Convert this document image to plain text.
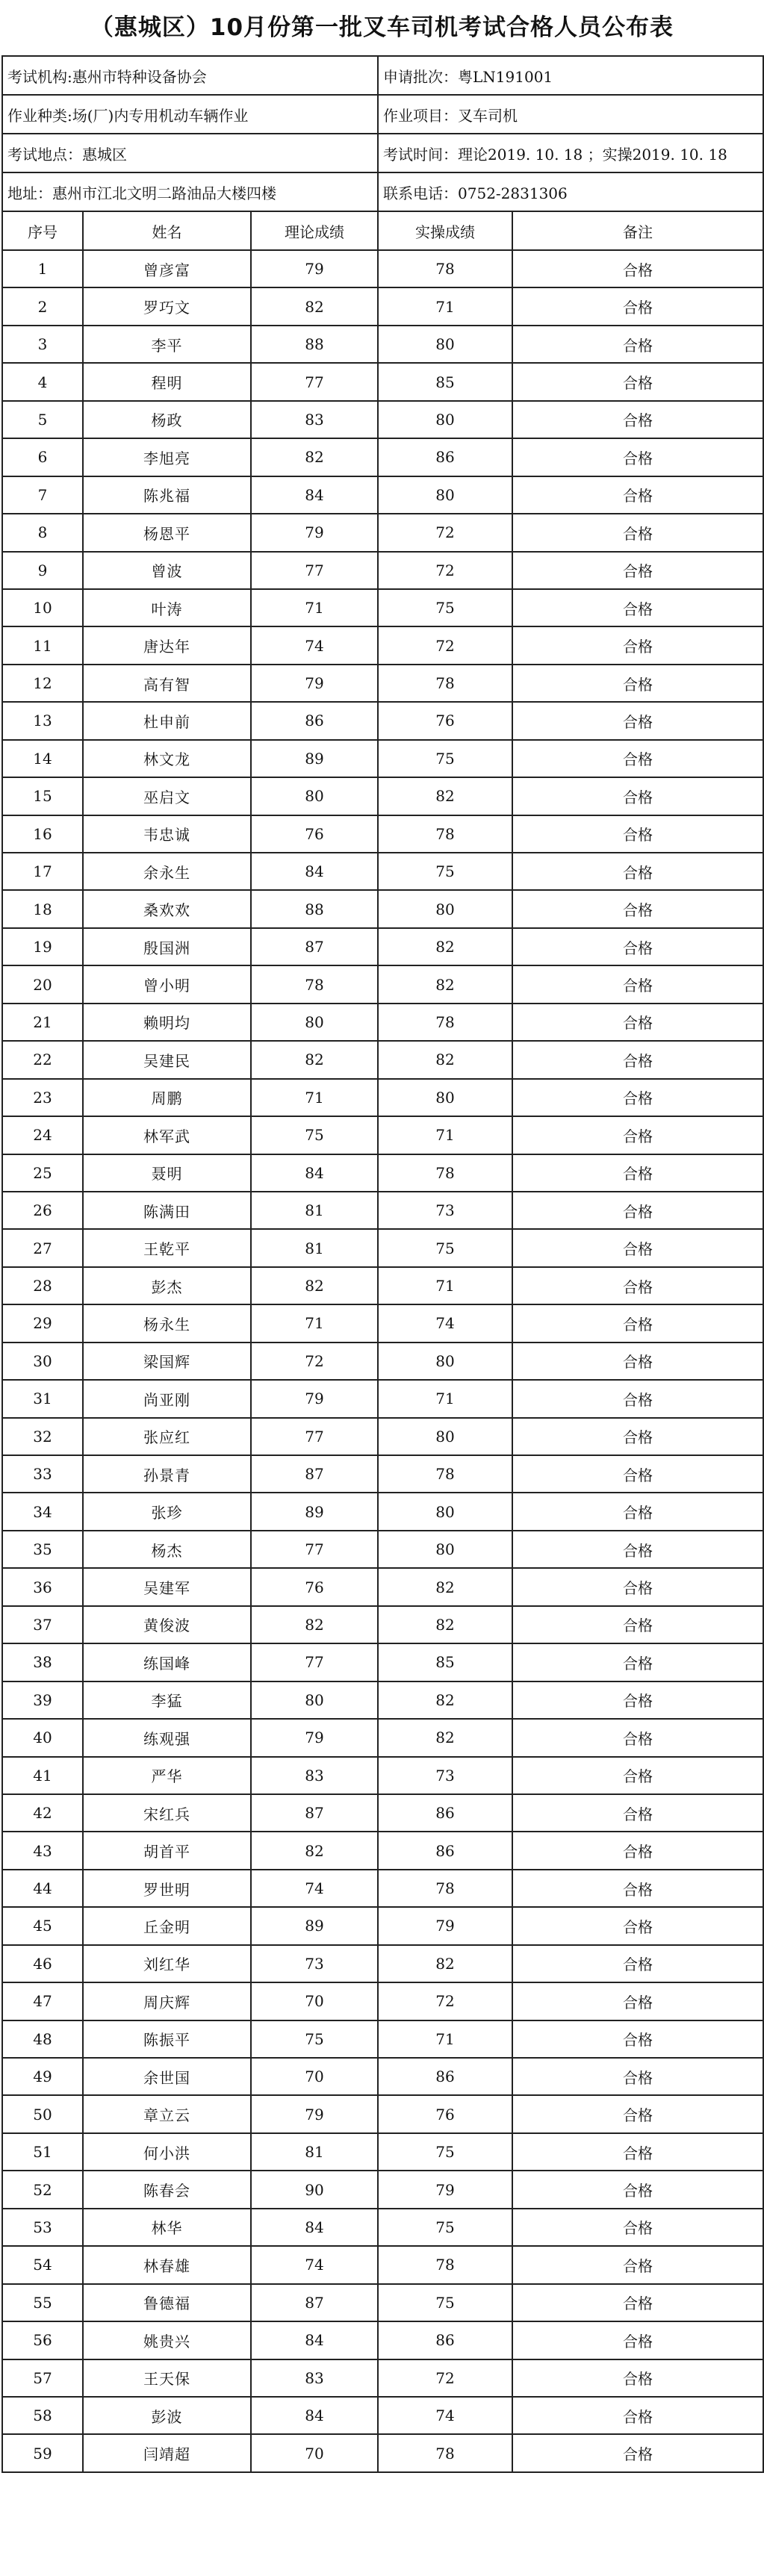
（惠城区）10月份第一批叉车司机考试合格人员公布表
考试机构:惠州市特种设备协会			申请批次：粤LN191001	
作业种类:场(厂)内专用机动车辆作业			作业项目：叉车司机	
考试地点：惠城区			考试时间：理论2019. 10. 18 ；实操2019. 10. 18	
地址：惠州市江北文明二路油品大楼四楼			联系电话：0752-2831306	
序号	姓名	理论成绩	实操成绩	备注
1	曾彦富	79	78	合格
2	罗巧文	82	71	合格
3	李平	88	80	合格
4	程明	77	85	合格
5	杨政	83	80	合格
6	李旭亮	82	86	合格
7	陈兆福	84	80	合格
8	杨恩平	79	72	合格
9	曾波	77	72	合格
10	叶涛	71	75	合格
11	唐达年	74	72	合格
12	高有智	79	78	合格
13	杜申前	86	76	合格
14	林文龙	89	75	合格
15	巫启文	80	82	合格
16	韦忠诚	76	78	合格
17	余永生	84	75	合格
18	桑欢欢	88	80	合格
19	殷国洲	87	82	合格
20	曾小明	78	82	合格
21	赖明均	80	78	合格
22	吴建民	82	82	合格
23	周鹏	71	80	合格
24	林军武	75	71	合格
25	聂明	84	78	合格
26	陈满田	81	73	合格
27	王乾平	81	75	合格
28	彭杰	82	71	合格
29	杨永生	71	74	合格
30	梁国辉	72	80	合格
31	尚亚刚	79	71	合格
32	张应红	77	80	合格
33	孙景青	87	78	合格
34	张珍	89	80	合格
35	杨杰	77	80	合格
36	吴建军	76	82	合格
37	黄俊波	82	82	合格
38	练国峰	77	85	合格
39	李猛	80	82	合格
40	练观强	79	82	合格
41	严华	83	73	合格
42	宋红兵	87	86	合格
43	胡首平	82	86	合格
44	罗世明	74	78	合格
45	丘金明	89	79	合格
46	刘红华	73	82	合格
47	周庆辉	70	72	合格
48	陈振平	75	71	合格
49	余世国	70	86	合格
50	章立云	79	76	合格
51	何小洪	81	75	合格
52	陈春会	90	79	合格
53	林华	84	75	合格
54	林春雄	74	78	合格
55	鲁德福	87	75	合格
56	姚贵兴	84	86	合格
57	王天保	83	72	合格
58	彭波	84	74	合格
59	闫靖超	70	78	合格
